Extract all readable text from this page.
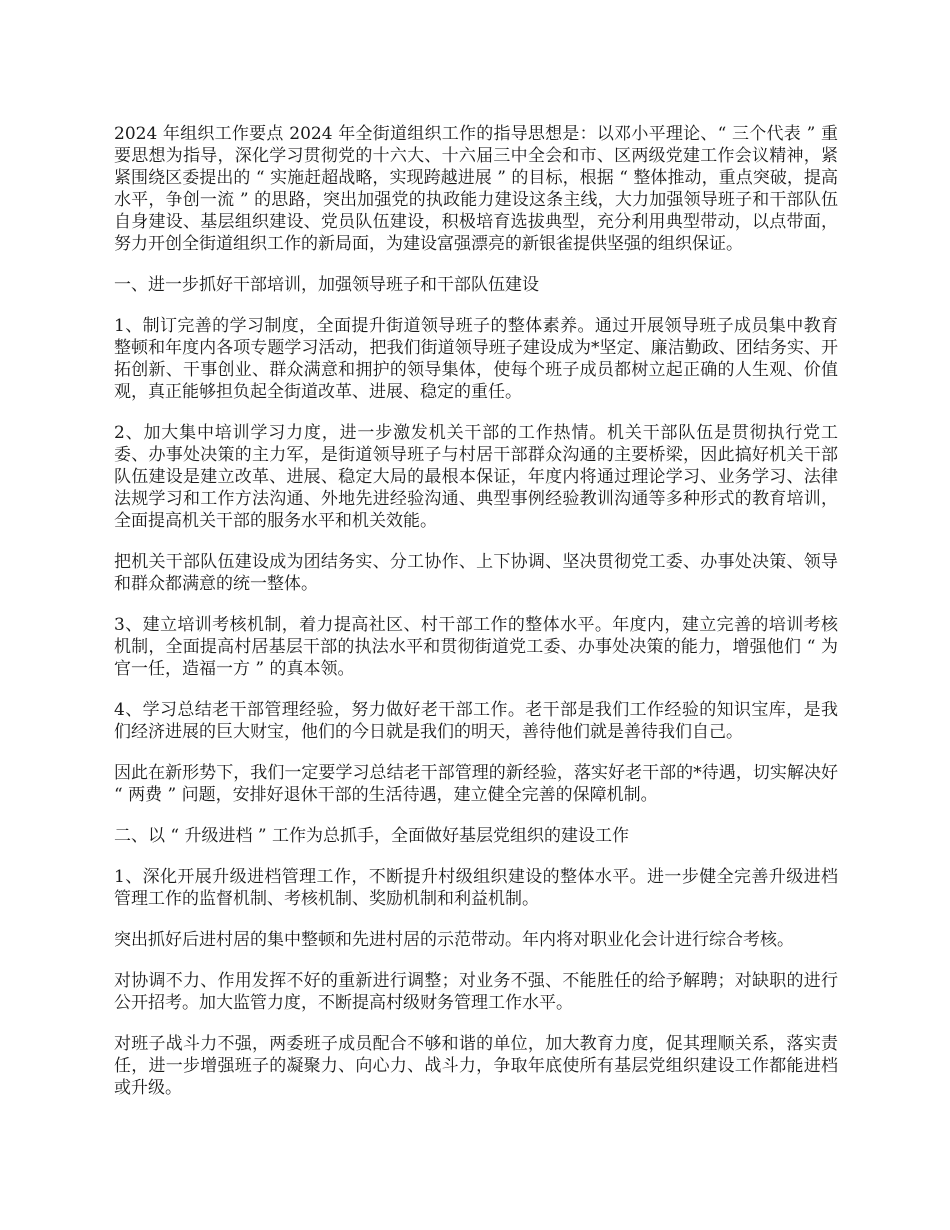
2024 年组织工作要点 2024 年全街道组织工作的指导思想是：以邓小平理论、“ 三个代表 ” 重要思想为指导，深化学习贯彻党的十六大、十六届三中全会和市、区两级党建工作会议精神，紧紧围绕区委提出的 “ 实施赶超战略，实现跨越进展 ” 的目标，根据 “ 整体推动，重点突破，提高水平，争创一流 ” 的思路，突出加强党的执政能力建设这条主线，大力加强领导班子和干部队伍自身建设、基层组织建设、党员队伍建设，积极培育选拔典型，充分利用典型带动，以点带面，努力开创全街道组织工作的新局面，为建设富强漂亮的新银雀提供坚强的组织保证。

一、进一步抓好干部培训，加强领导班子和干部队伍建设

1、制订完善的学习制度，全面提升街道领导班子的整体素养。通过开展领导班子成员集中教育整顿和年度内各项专题学习活动，把我们街道领导班子建设成为*坚定、廉洁勤政、团结务实、开拓创新、干事创业、群众满意和拥护的领导集体，使每个班子成员都树立起正确的人生观、价值观，真正能够担负起全街道改革、进展、稳定的重任。

2、加大集中培训学习力度，进一步激发机关干部的工作热情。机关干部队伍是贯彻执行党工委、办事处决策的主力军，是街道领导班子与村居干部群众沟通的主要桥梁，因此搞好机关干部队伍建设是建立改革、进展、稳定大局的最根本保证，年度内将通过理论学习、业务学习、法律法规学习和工作方法沟通、外地先进经验沟通、典型事例经验教训沟通等多种形式的教育培训，全面提高机关干部的服务水平和机关效能。

把机关干部队伍建设成为团结务实、分工协作、上下协调、坚决贯彻党工委、办事处决策、领导和群众都满意的统一整体。

3、建立培训考核机制，着力提高社区、村干部工作的整体水平。年度内，建立完善的培训考核机制，全面提高村居基层干部的执法水平和贯彻街道党工委、办事处决策的能力，增强他们 “ 为官一任，造福一方 ” 的真本领。

4、学习总结老干部管理经验，努力做好老干部工作。老干部是我们工作经验的知识宝库，是我们经济进展的巨大财宝，他们的今日就是我们的明天，善待他们就是善待我们自己。

因此在新形势下，我们一定要学习总结老干部管理的新经验，落实好老干部的*待遇，切实解决好 “ 两费 ” 问题，安排好退休干部的生活待遇，建立健全完善的保障机制。

二、以 “ 升级进档 ” 工作为总抓手，全面做好基层党组织的建设工作

1、深化开展升级进档管理工作，不断提升村级组织建设的整体水平。进一步健全完善升级进档管理工作的监督机制、考核机制、奖励机制和利益机制。

突出抓好后进村居的集中整顿和先进村居的示范带动。年内将对职业化会计进行综合考核。

对协调不力、作用发挥不好的重新进行调整；对业务不强、不能胜任的给予解聘；对缺职的进行公开招考。加大监管力度，不断提高村级财务管理工作水平。

对班子战斗力不强，两委班子成员配合不够和谐的单位，加大教育力度，促其理顺关系，落实责任，进一步增强班子的凝聚力、向心力、战斗力，争取年底使所有基层党组织建设工作都能进档或升级。
